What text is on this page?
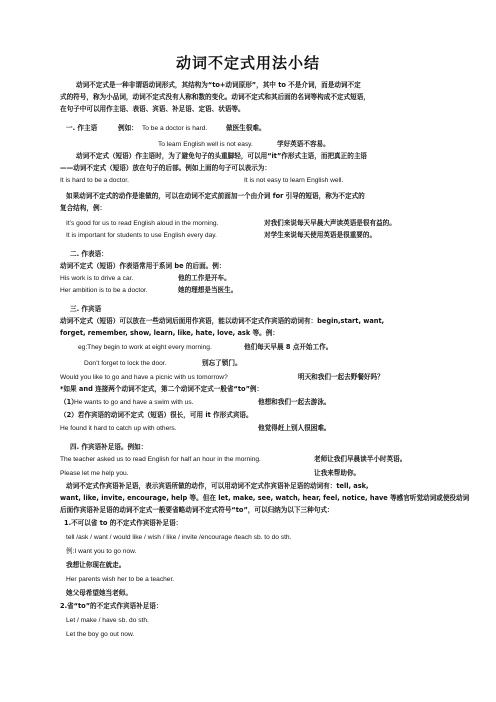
动词不定式用法小结
动词不定式是一种非谓语动词形式，其结构为“to+动词原形”，其中 to 不是介词，而是动词不定
式的符号，称为小品词，动词不定式没有人称和数的变化。动词不定式和其后面的名词等构成不定式短语，
在句子中可以用作主语、表语、宾语、补足语、定语、状语等。
一. 作主语	例如： To be a doctor is hard.	做医生很难。
To learn English well is not easy.	学好英语不容易。
动词不定式（短语）作主语时，为了避免句子的头重脚轻，可以用“it”作形式主语，而把真正的主语
——动词不定式（短语）放在句子的后部。例如上面的句子可以表示为：
It is hard to be a doctor.	It is not easy to learn English well.
如果动词不定式的动作是谁做的，可以在动词不定式前面加一个由介词 for 引导的短语，称为不定式的
复合结构，例：
It’s good for us to read English aloud in the morning.	对我们来说每天早晨大声读英语是很有益的。
It is important for students to use English every day.	对学生来说每天使用英语是很重要的。
二. 作表语：
动词不定式（短语）作表语常用于系词 be 的后面。例：
His work is to drive a car.	他的工作是开车。
Her ambition is to be a doctor.	她的理想是当医生。
三. 作宾语
动词不定式（短语）可以放在一些动词后面用作宾语，能以动词不定式作宾语的动词有：begin,start, want,
forget, remember, show, learn, like, hate, love, ask 等。例：
eg:They begin to work at eight every morning.	他们每天早晨 8 点开始工作。
Don’t forget to lock the door.	别忘了锁门。
Would you like to go and have a picnic with us tomorrow?	明天和我们一起去野餐好吗？
*如果 and 连接两个动词不定式，第二个动词不定式一般省“to”例：
（1）
He wants to go and have a swim with us.	他想和我们一起去游泳。
（2）若作宾语的动词不定式（短语）很长，可用 it 作形式宾语。
He found it hard to catch up with others.	他觉得赶上别人很困难。
四. 作宾语补足语。例如：
The teacher asked us to read English for half an hour in the morning.	老师让我们早晨读半小时英语。
Please let me help you.	让我来帮助你。
动词不定式作宾语补足语，表示宾语所做的动作，可以用动词不定式作宾语补足语的动词有：tell, ask,
want, like, invite, encourage, help 等。但在 let, make, see, watch, hear, feel, notice, have 等感官听觉动词或使役动词
后面作宾语补足语的动词不定式一般要省略动词不定式符号“to”，可以归纳为以下三种句式：
1.不可以省 to 的不定式作宾语补足语：
tell /ask / want / would like / wish / like / invite /encourage /teach sb. to do sth.
例:I want you to go now.
我想让你现在就走。
Her parents wish her to be a teacher.
她父母希望她当老师。
2.省“to”的不定式作宾语补足语：
Let / make / have sb. do sth.
Let the boy go out now.
